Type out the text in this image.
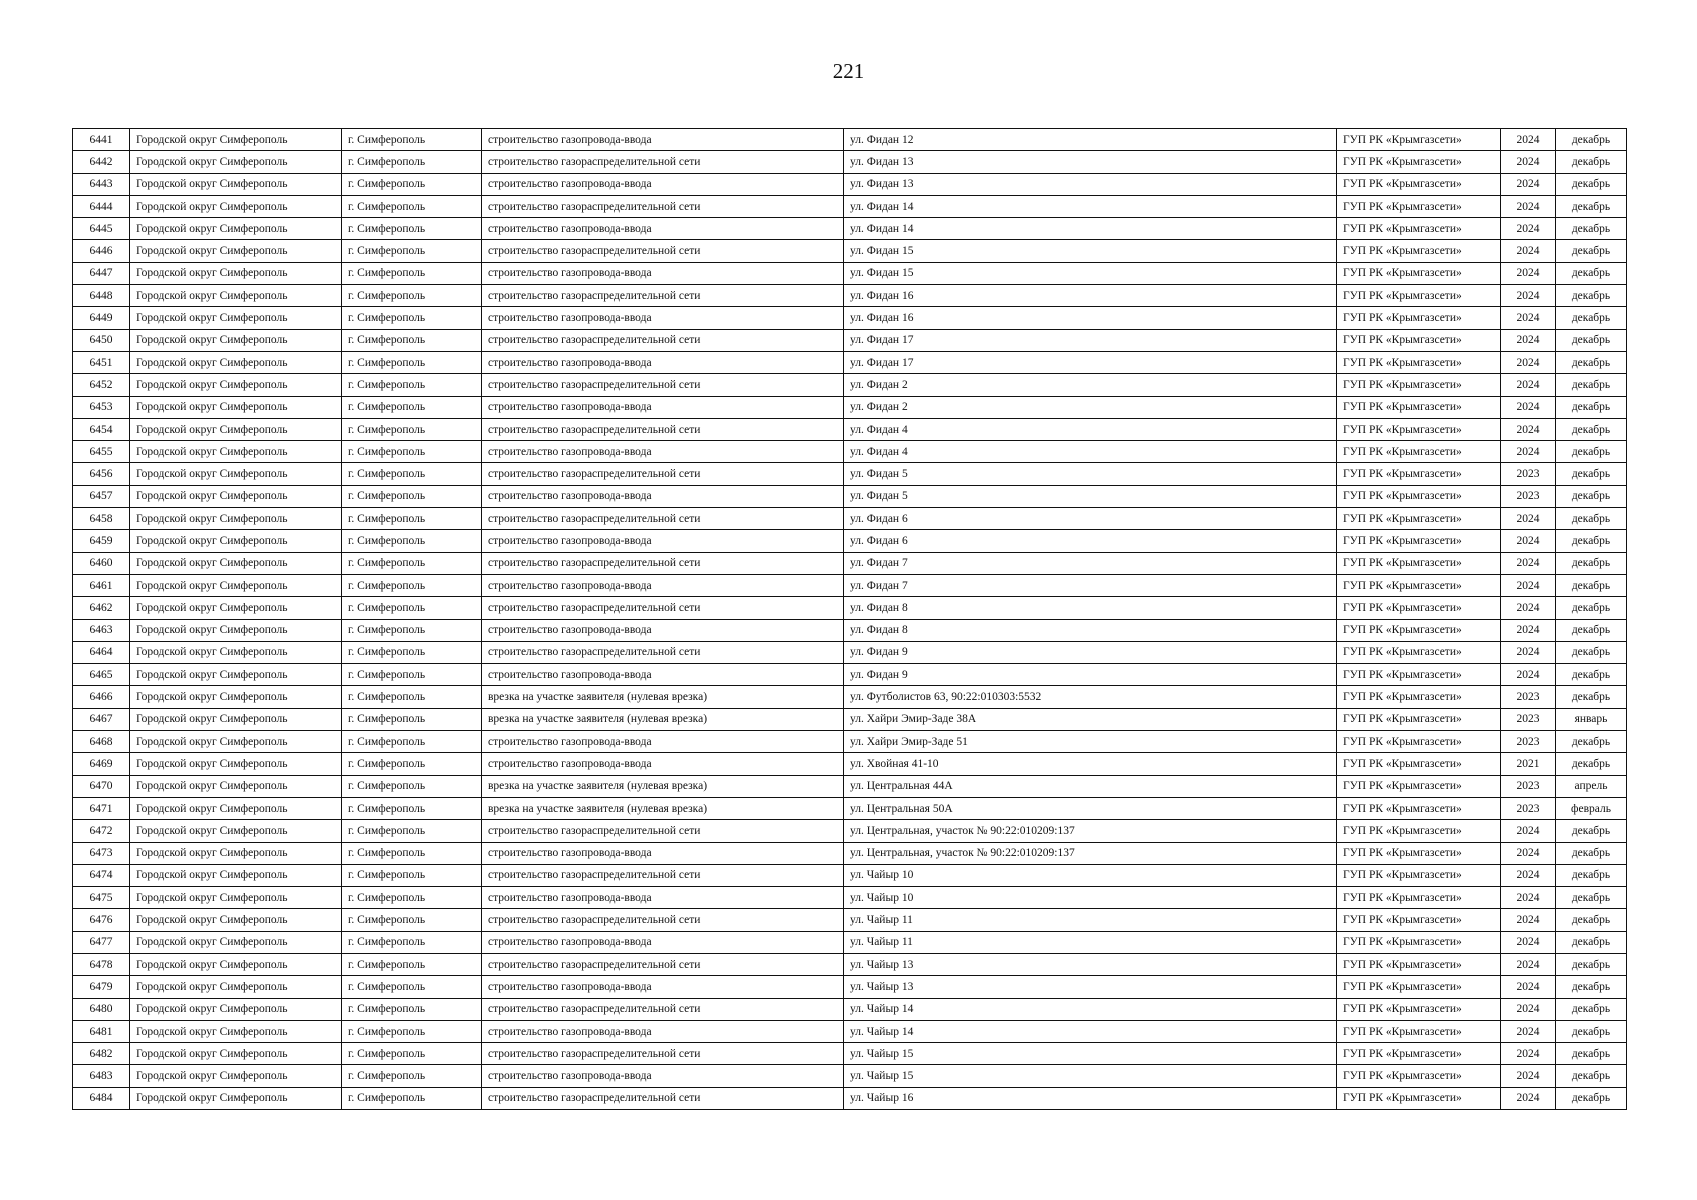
221
6441	Городской округ Симферополь	г. Симферополь	строительство газопровода-ввода	ул. Фидан 12	ГУП РК «Крымгазсети»	2024	декабрь
6442	Городской округ Симферополь	г. Симферополь	строительство газораспределительной сети	ул. Фидан 13	ГУП РК «Крымгазсети»	2024	декабрь
6443	Городской округ Симферополь	г. Симферополь	строительство газопровода-ввода	ул. Фидан 13	ГУП РК «Крымгазсети»	2024	декабрь
6444	Городской округ Симферополь	г. Симферополь	строительство газораспределительной сети	ул. Фидан 14	ГУП РК «Крымгазсети»	2024	декабрь
6445	Городской округ Симферополь	г. Симферополь	строительство газопровода-ввода	ул. Фидан 14	ГУП РК «Крымгазсети»	2024	декабрь
6446	Городской округ Симферополь	г. Симферополь	строительство газораспределительной сети	ул. Фидан 15	ГУП РК «Крымгазсети»	2024	декабрь
6447	Городской округ Симферополь	г. Симферополь	строительство газопровода-ввода	ул. Фидан 15	ГУП РК «Крымгазсети»	2024	декабрь
6448	Городской округ Симферополь	г. Симферополь	строительство газораспределительной сети	ул. Фидан 16	ГУП РК «Крымгазсети»	2024	декабрь
6449	Городской округ Симферополь	г. Симферополь	строительство газопровода-ввода	ул. Фидан 16	ГУП РК «Крымгазсети»	2024	декабрь
6450	Городской округ Симферополь	г. Симферополь	строительство газораспределительной сети	ул. Фидан 17	ГУП РК «Крымгазсети»	2024	декабрь
6451	Городской округ Симферополь	г. Симферополь	строительство газопровода-ввода	ул. Фидан 17	ГУП РК «Крымгазсети»	2024	декабрь
6452	Городской округ Симферополь	г. Симферополь	строительство газораспределительной сети	ул. Фидан 2	ГУП РК «Крымгазсети»	2024	декабрь
6453	Городской округ Симферополь	г. Симферополь	строительство газопровода-ввода	ул. Фидан 2	ГУП РК «Крымгазсети»	2024	декабрь
6454	Городской округ Симферополь	г. Симферополь	строительство газораспределительной сети	ул. Фидан 4	ГУП РК «Крымгазсети»	2024	декабрь
6455	Городской округ Симферополь	г. Симферополь	строительство газопровода-ввода	ул. Фидан 4	ГУП РК «Крымгазсети»	2024	декабрь
6456	Городской округ Симферополь	г. Симферополь	строительство газораспределительной сети	ул. Фидан 5	ГУП РК «Крымгазсети»	2023	декабрь
6457	Городской округ Симферополь	г. Симферополь	строительство газопровода-ввода	ул. Фидан 5	ГУП РК «Крымгазсети»	2023	декабрь
6458	Городской округ Симферополь	г. Симферополь	строительство газораспределительной сети	ул. Фидан 6	ГУП РК «Крымгазсети»	2024	декабрь
6459	Городской округ Симферополь	г. Симферополь	строительство газопровода-ввода	ул. Фидан 6	ГУП РК «Крымгазсети»	2024	декабрь
6460	Городской округ Симферополь	г. Симферополь	строительство газораспределительной сети	ул. Фидан 7	ГУП РК «Крымгазсети»	2024	декабрь
6461	Городской округ Симферополь	г. Симферополь	строительство газопровода-ввода	ул. Фидан 7	ГУП РК «Крымгазсети»	2024	декабрь
6462	Городской округ Симферополь	г. Симферополь	строительство газораспределительной сети	ул. Фидан 8	ГУП РК «Крымгазсети»	2024	декабрь
6463	Городской округ Симферополь	г. Симферополь	строительство газопровода-ввода	ул. Фидан 8	ГУП РК «Крымгазсети»	2024	декабрь
6464	Городской округ Симферополь	г. Симферополь	строительство газораспределительной сети	ул. Фидан 9	ГУП РК «Крымгазсети»	2024	декабрь
6465	Городской округ Симферополь	г. Симферополь	строительство газопровода-ввода	ул. Фидан 9	ГУП РК «Крымгазсети»	2024	декабрь
6466	Городской округ Симферополь	г. Симферополь	врезка на участке заявителя (нулевая врезка)	ул. Футболистов 63, 90:22:010303:5532	ГУП РК «Крымгазсети»	2023	декабрь
6467	Городской округ Симферополь	г. Симферополь	врезка на участке заявителя (нулевая врезка)	ул. Хайри Эмир-Заде 38А	ГУП РК «Крымгазсети»	2023	январь
6468	Городской округ Симферополь	г. Симферополь	строительство газопровода-ввода	ул. Хайри Эмир-Заде 51	ГУП РК «Крымгазсети»	2023	декабрь
6469	Городской округ Симферополь	г. Симферополь	строительство газопровода-ввода	ул. Хвойная 41-10	ГУП РК «Крымгазсети»	2021	декабрь
6470	Городской округ Симферополь	г. Симферополь	врезка на участке заявителя (нулевая врезка)	ул. Центральная 44А	ГУП РК «Крымгазсети»	2023	апрель
6471	Городской округ Симферополь	г. Симферополь	врезка на участке заявителя (нулевая врезка)	ул. Центральная 50А	ГУП РК «Крымгазсети»	2023	февраль
6472	Городской округ Симферополь	г. Симферополь	строительство газораспределительной сети	ул. Центральная, участок № 90:22:010209:137	ГУП РК «Крымгазсети»	2024	декабрь
6473	Городской округ Симферополь	г. Симферополь	строительство газопровода-ввода	ул. Центральная, участок № 90:22:010209:137	ГУП РК «Крымгазсети»	2024	декабрь
6474	Городской округ Симферополь	г. Симферополь	строительство газораспределительной сети	ул. Чайыр 10	ГУП РК «Крымгазсети»	2024	декабрь
6475	Городской округ Симферополь	г. Симферополь	строительство газопровода-ввода	ул. Чайыр 10	ГУП РК «Крымгазсети»	2024	декабрь
6476	Городской округ Симферополь	г. Симферополь	строительство газораспределительной сети	ул. Чайыр 11	ГУП РК «Крымгазсети»	2024	декабрь
6477	Городской округ Симферополь	г. Симферополь	строительство газопровода-ввода	ул. Чайыр 11	ГУП РК «Крымгазсети»	2024	декабрь
6478	Городской округ Симферополь	г. Симферополь	строительство газораспределительной сети	ул. Чайыр 13	ГУП РК «Крымгазсети»	2024	декабрь
6479	Городской округ Симферополь	г. Симферополь	строительство газопровода-ввода	ул. Чайыр 13	ГУП РК «Крымгазсети»	2024	декабрь
6480	Городской округ Симферополь	г. Симферополь	строительство газораспределительной сети	ул. Чайыр 14	ГУП РК «Крымгазсети»	2024	декабрь
6481	Городской округ Симферополь	г. Симферополь	строительство газопровода-ввода	ул. Чайыр 14	ГУП РК «Крымгазсети»	2024	декабрь
6482	Городской округ Симферополь	г. Симферополь	строительство газораспределительной сети	ул. Чайыр 15	ГУП РК «Крымгазсети»	2024	декабрь
6483	Городской округ Симферополь	г. Симферополь	строительство газопровода-ввода	ул. Чайыр 15	ГУП РК «Крымгазсети»	2024	декабрь
6484	Городской округ Симферополь	г. Симферополь	строительство газораспределительной сети	ул. Чайыр 16	ГУП РК «Крымгазсети»	2024	декабрь
